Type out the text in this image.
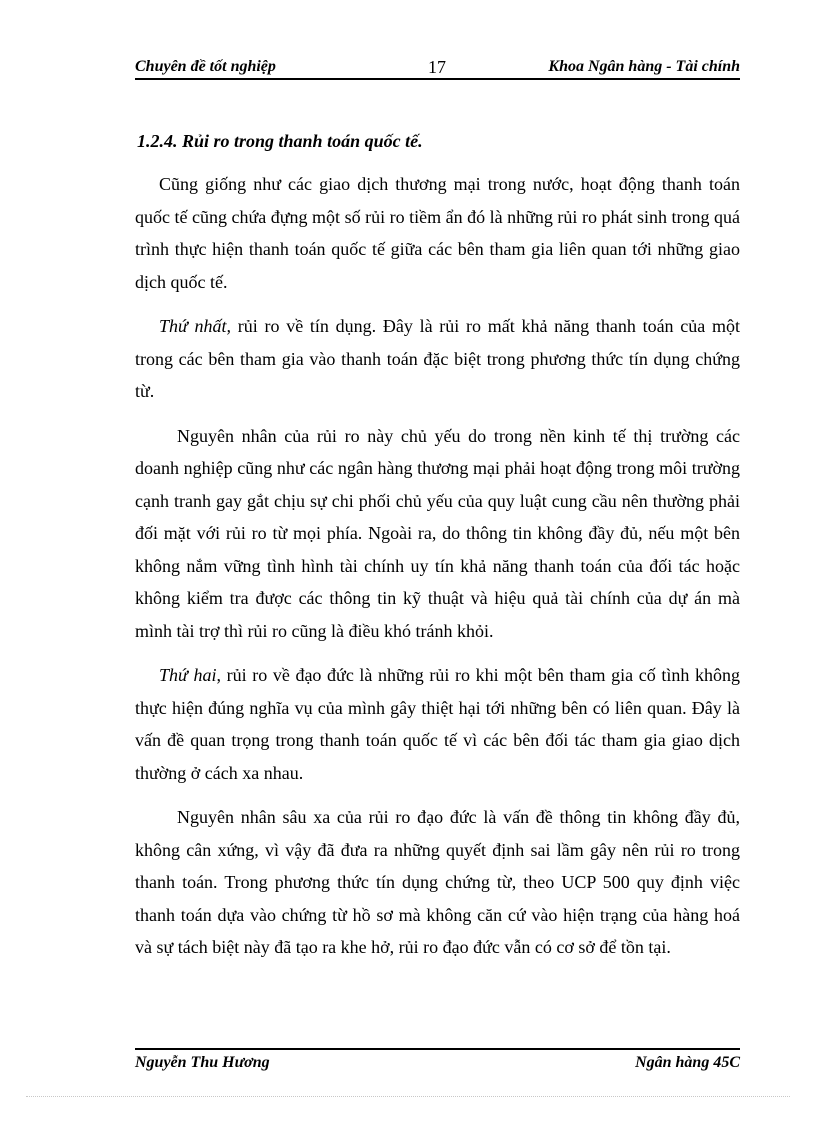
Chuyên đề tốt nghiệp	17	Khoa Ngân hàng - Tài chính
1.2.4. Rủi ro trong thanh toán quốc tế.

Cũng giống như các giao dịch thương mại trong nước, hoạt động thanh toán quốc tế cũng chứa đựng một số rủi ro tiềm ẩn đó là những rủi ro phát sinh trong quá trình thực hiện thanh toán quốc tế giữa các bên tham gia liên quan tới những giao dịch quốc tế.

Thứ nhất, rủi ro về tín dụng. Đây là rủi ro mất khả năng thanh toán của một trong các bên tham gia vào thanh toán đặc biệt trong phương thức tín dụng chứng từ.

Nguyên nhân của rủi ro này chủ yếu do trong nền kinh tế thị trường các doanh nghiệp cũng như các ngân hàng thương mại phải hoạt động trong môi trường cạnh tranh gay gắt chịu sự chi phối chủ yếu của quy luật cung cầu nên thường phải đối mặt với rủi ro từ mọi phía. Ngoài ra, do thông tin không đầy đủ, nếu một bên không nắm vững tình hình tài chính uy tín khả năng thanh toán của đối tác hoặc không kiểm tra được các thông tin kỹ thuật và hiệu quả tài chính của dự án mà mình tài trợ thì rủi ro cũng là điều khó tránh khỏi.

Thứ hai, rủi ro về đạo đức là những rủi ro khi một bên tham gia cố tình không thực hiện đúng nghĩa vụ của mình gây thiệt hại tới những bên có liên quan. Đây là vấn đề quan trọng trong thanh toán quốc tế vì các bên đối tác tham gia giao dịch thường ở cách xa nhau.

Nguyên nhân sâu xa của rủi ro đạo đức là vấn đề thông tin không đầy đủ, không cân xứng, vì vậy đã đưa ra những quyết định sai lầm gây nên rủi ro trong thanh toán. Trong phương thức tín dụng chứng từ, theo UCP 500 quy định việc thanh toán dựa vào chứng từ hồ sơ mà không căn cứ vào hiện trạng của hàng hoá và sự tách biệt này đã tạo ra khe hở, rủi ro đạo đức vẫn có cơ sở để tồn tại.

Nguyễn Thu Hương	Ngân hàng 45C
